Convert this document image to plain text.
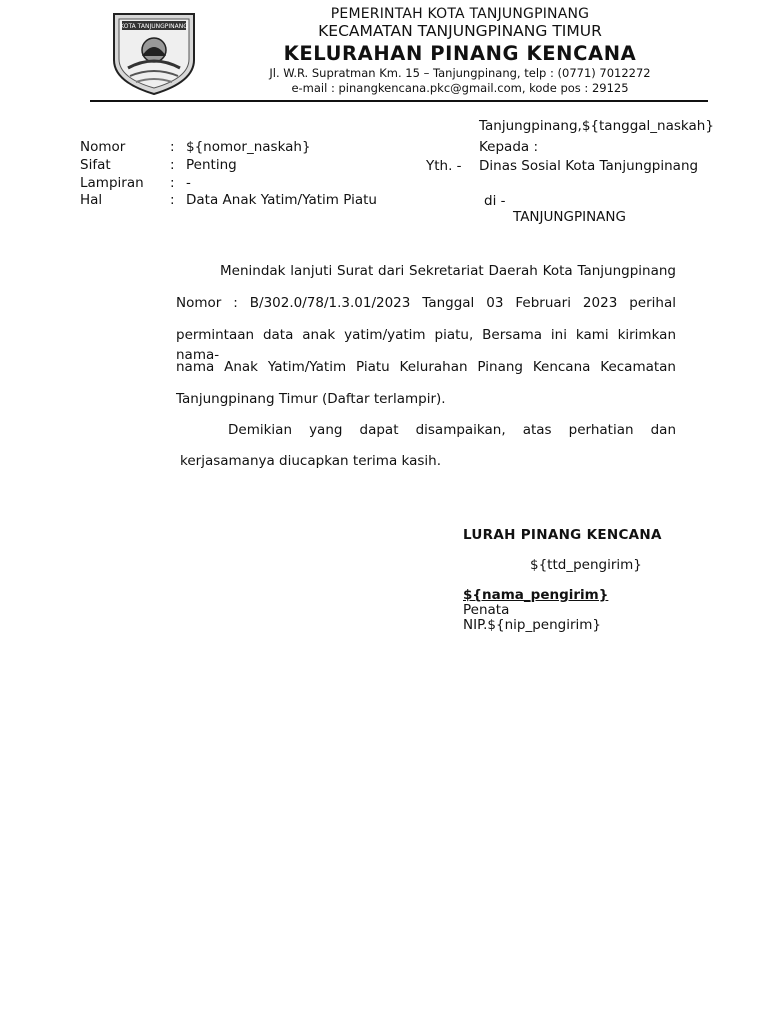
KOTA TANJUNGPINANG
PEMERINTAH KOTA TANJUNGPINANG
KECAMATAN TANJUNGPINANG TIMUR
KELURAHAN PINANG KENCANA
Jl. W.R. Supratman Km. 15 – Tanjungpinang, telp : (0771) 7012272
e-mail : pinangkencana.pkc@gmail.com, kode pos : 29125
Tanjungpinang,${tanggal_naskah}
Nomor	: ${nomor_naskah}
Sifat	: Penting
Lampiran : -
Hal	: Data Anak Yatim/Yatim Piatu
Kepada :
Yth. - Dinas Sosial Kota Tanjungpinang
di -
TANJUNGPINANG
Menindak lanjuti Surat dari Sekretariat Daerah Kota Tanjungpinang
Nomor : B/302.0/78/1.3.01/2023 Tanggal 03 Februari 2023 perihal
permintaan data anak yatim/yatim piatu, Bersama ini kami kirimkan nama-
nama Anak Yatim/Yatim Piatu Kelurahan Pinang Kencana Kecamatan
Tanjungpinang Timur (Daftar terlampir).
Demikian yang dapat disampaikan, atas perhatian dan
kerjasamanya diucapkan terima kasih.
LURAH PINANG KENCANA
${ttd_pengirim}
${nama_pengirim}
Penata
NIP.${nip_pengirim}
